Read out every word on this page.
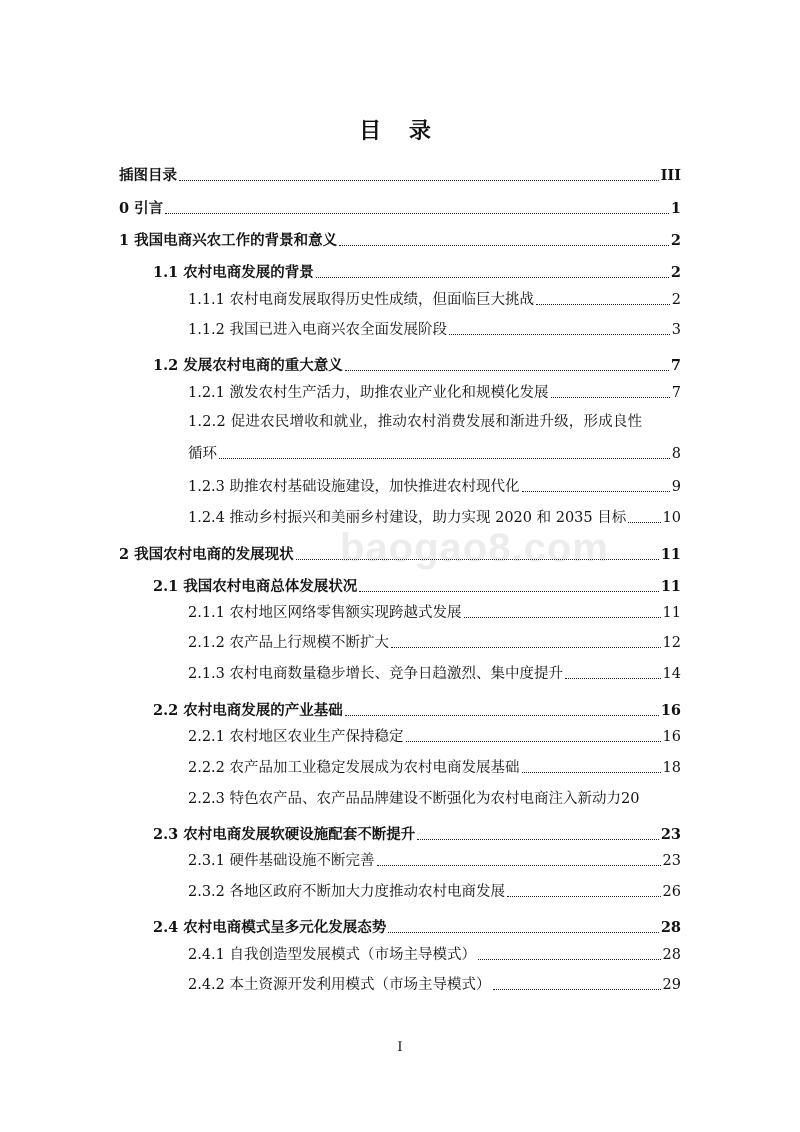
目 录
baogao8.com
插图目录	III
0 引言	1
1 我国电商兴农工作的背景和意义	2
1.1 农村电商发展的背景	2
1.1.1 农村电商发展取得历史性成绩，但面临巨大挑战	2
1.1.2 我国已进入电商兴农全面发展阶段	3
1.2 发展农村电商的重大意义	7
1.2.1 激发农村生产活力，助推农业产业化和规模化发展	7
1.2.2 促进农民增收和就业，推动农村消费发展和渐进升级，形成良性
循环	8
1.2.3 助推农村基础设施建设，加快推进农村现代化	9
1.2.4 推动乡村振兴和美丽乡村建设，助力实现 2020 和 2035 目标	10
2 我国农村电商的发展现状	11
2.1 我国农村电商总体发展状况	11
2.1.1 农村地区网络零售额实现跨越式发展	11
2.1.2 农产品上行规模不断扩大	12
2.1.3 农村电商数量稳步增长、竞争日趋激烈、集中度提升	14
2.2 农村电商发展的产业基础	16
2.2.1 农村地区农业生产保持稳定	16
2.2.2 农产品加工业稳定发展成为农村电商发展基础	18
2.2.3 特色农产品、农产品品牌建设不断强化为农村电商注入新动力 20
2.3 农村电商发展软硬设施配套不断提升	23
2.3.1 硬件基础设施不断完善	23
2.3.2 各地区政府不断加大力度推动农村电商发展	26
2.4 农村电商模式呈多元化发展态势	28
2.4.1 自我创造型发展模式（市场主导模式）	28
2.4.2 本土资源开发利用模式（市场主导模式）	29
I
